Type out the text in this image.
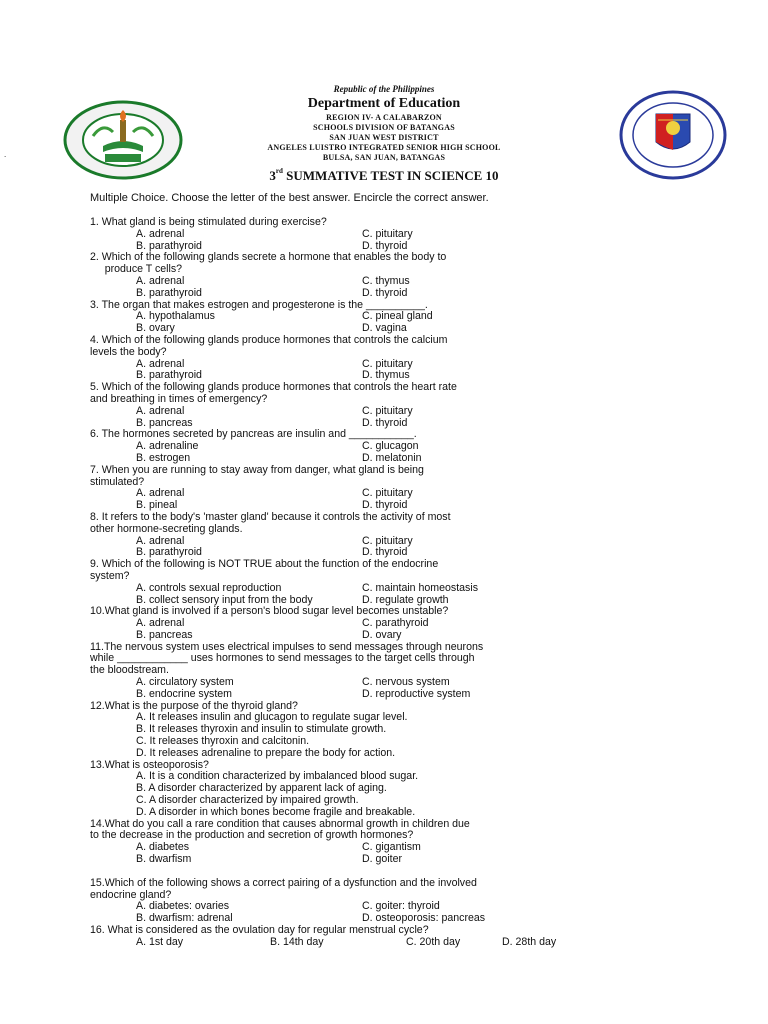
.
Republic of the Philippines
Department of Education
REGION IV- A CALABARZON
SCHOOLS DIVISION OF BATANGAS
SAN JUAN WEST DISTRICT
ANGELES LUISTRO INTEGRATED SENIOR HIGH SCHOOL
BULSA, SAN JUAN, BATANGAS
3rd SUMMATIVE TEST IN SCIENCE 10
Multiple Choice. Choose the letter of the best answer. Encircle the correct answer.
1. What gland is being stimulated during exercise?
A. adrenal	C. pituitary
B. parathyroid	D. thyroid
2. Which of the following glands secrete a hormone that enables the body to
produce T cells?
A. adrenal	C. thymus
B. parathyroid	D. thyroid
3. The organ that makes estrogen and progesterone is the __________.
A. hypothalamus	C. pineal gland
B. ovary	D. vagina
4. Which of the following glands produce hormones that controls the calcium
levels the body?
A. adrenal	C. pituitary
B. parathyroid	D. thymus
5. Which of the following glands produce hormones that controls the heart rate
and breathing in times of emergency?
A. adrenal	C. pituitary
B. pancreas	D. thyroid
6. The hormones secreted by pancreas are insulin and ___________.
A. adrenaline	C. glucagon
B. estrogen	D. melatonin
7. When you are running to stay away from danger, what gland is being
stimulated?
A. adrenal	C. pituitary
B. pineal	D. thyroid
8. It refers to the body's 'master gland' because it controls the activity of most
other hormone-secreting glands.
A. adrenal	C. pituitary
B. parathyroid	D. thyroid
9. Which of the following is NOT TRUE about the function of the endocrine
system?
A. controls sexual reproduction	C. maintain homeostasis
B. collect sensory input from the body	D. regulate growth
10.What gland is involved if a person's blood sugar level becomes unstable?
A. adrenal	C. parathyroid
B. pancreas	D. ovary
11.The nervous system uses electrical impulses to send messages through neurons
while ____________ uses hormones to send messages to the target cells through
the bloodstream.
A. circulatory system	C. nervous system
B. endocrine system	D. reproductive system
12.What is the purpose of the thyroid gland?
A. It releases insulin and glucagon to regulate sugar level.
B. It releases thyroxin and insulin to stimulate growth.
C. It releases thyroxin and calcitonin.
D. It releases adrenaline to prepare the body for action.
13.What is osteoporosis?
A. It is a condition characterized by imbalanced blood sugar.
B. A disorder characterized by apparent lack of aging.
C. A disorder characterized by impaired growth.
D. A disorder in which bones become fragile and breakable.
14.What do you call a rare condition that causes abnormal growth in children due
to the decrease in the production and secretion of growth hormones?
A. diabetes	C. gigantism
B. dwarfism	D. goiter
15.Which of the following shows a correct pairing of a dysfunction and the involved
endocrine gland?
A. diabetes: ovaries	C. goiter: thyroid
B. dwarfism: adrenal	D. osteoporosis: pancreas
16. What is considered as the ovulation day for regular menstrual cycle?
A. 1st day	B. 14th day	C. 20th day	D. 28th day
